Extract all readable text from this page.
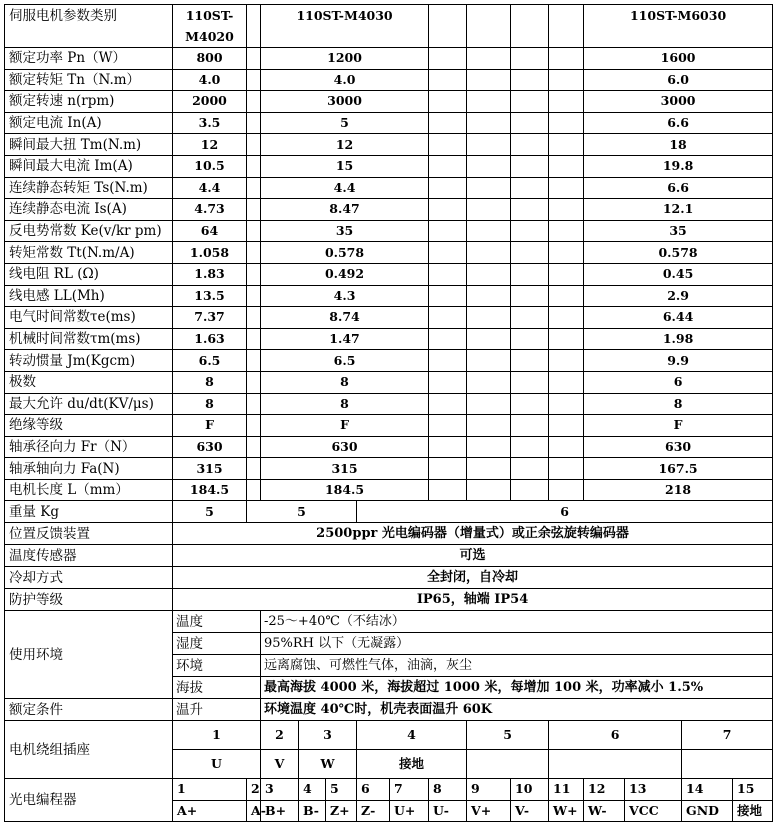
伺服电机参数类别	110ST-M4020		110ST-M4030									110ST-M6030			
额定功率 Pn（W）	800		1200									1600			
额定转矩 Tn（N.m）	4.0		4.0									6.0			
额定转速 n(rpm)	2000		3000									3000			
额定电流 In(A)	3.5		5									6.6			
瞬间最大扭 Tm(N.m)	12		12									18			
瞬间最大电流 Im(A)	10.5		15									19.8			
连续静态转矩 Ts(N.m)	4.4		4.4									6.6			
连续静态电流 Is(A)	4.73		8.47									12.1			
反电势常数 Ke(v/kr pm)	64		35									35			
转矩常数 Tt(N.m/A)	1.058		0.578									0.578			
线电阻 RL (Ω)	1.83		0.492									0.45			
线电感 LL(Mh)	13.5		4.3									2.9			
电气时间常数τe(ms)	7.37		8.74									6.44			
机械时间常数τm(ms)	1.63		1.47									1.98			
转动惯量 Jm(Kgcm)	6.5		6.5									9.9			
极数	8		8									6			
最大允许 du/dt(KV/μs)	8		8									8			
绝缘等级	F		F									F			
轴承径向力 Fr（N）	630		630									630			
轴承轴向力 Fa(N)	315		315									167.5			
电机长度 L（mm）	184.5		184.5									218			
重量 Kg	5	5				6									
位置反馈装置	2500ppr 光电编码器（增量式）或正余弦旋转编码器														
温度传感器	可选														
冷却方式	全封闭，自冷却														
防护等级	IP65，轴端 IP54														
使用环境	温度		-25～+40℃（不结冰）												
	湿度		95%RH 以下（无凝露）												
	环境		远离腐蚀、可燃性气体，油滴，灰尘												
	海拔		最高海拔 4000 米，海拔超过 1000 米，每增加 100 米，功率减小 1.5%												
额定条件	温升		环境温度 40℃时，机壳表面温升 60K												
电机绕组插座	1		2	3		4			5		6			7	
	U		V	W		接地									
光电编程器	1	2	3	4	5	6	7	8	9	10	11	12	13	14	15
	A+	A-	B+	B-	Z+	Z-	U+	U-	V+	V-	W+	W-	VCC	GND	接地
